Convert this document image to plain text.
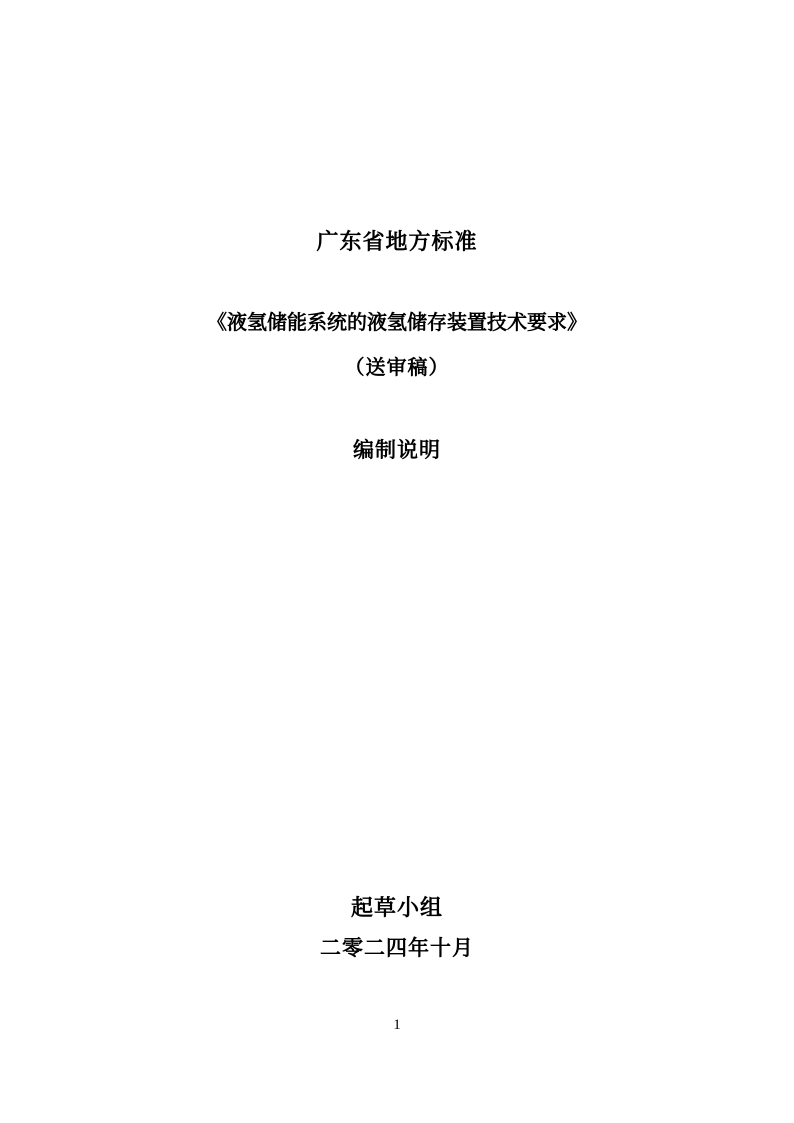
广东省地方标准
《液氢储能系统的液氢储存装置技术要求》
（送审稿）
编制说明
起草小组
二零二四年十月
1
